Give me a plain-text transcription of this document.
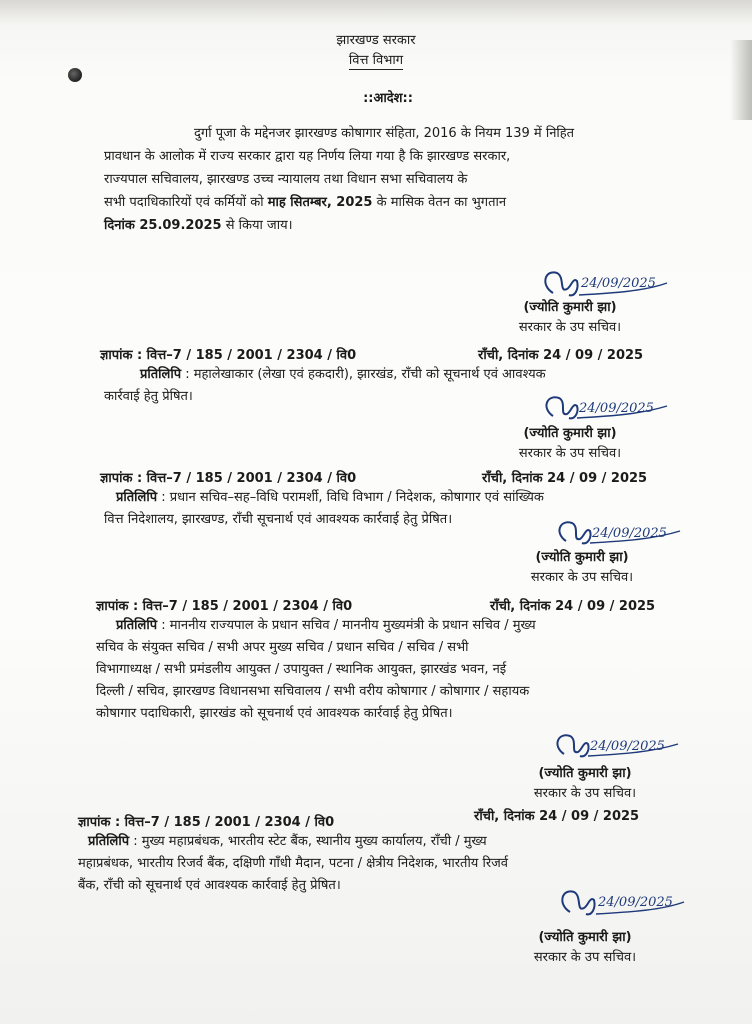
झारखण्ड सरकार
वित्त विभाग
::आदेश::
दुर्गा पूजा के मद्देनजर झारखण्ड कोषागार संहिता, 2016 के नियम 139 में निहित
प्रावधान के आलोक में राज्य सरकार द्वारा यह निर्णय लिया गया है कि झारखण्ड सरकार,
राज्यपाल सचिवालय, झारखण्ड उच्च न्यायालय तथा विधान सभा सचिवालय के
सभी पदाधिकारियों एवं कर्मियों को माह सितम्बर, 2025 के मासिक वेतन का भुगतान
दिनांक 25.09.2025 से किया जाय।
24/09/2025
(ज्योति कुमारी झा)
सरकार के उप सचिव।
ज्ञापांक : वित्त–7 / 185 / 2001 / 2304 / वि0	राँची, दिनांक 24 / 09 / 2025
प्रतिलिपि : महालेखाकार (लेखा एवं हकदारी), झारखंड, राँची को सूचनार्थ एवं आवश्यक
कार्रवाई हेतु प्रेषित।
24/09/2025
(ज्योति कुमारी झा)
सरकार के उप सचिव।
ज्ञापांक : वित्त–7 / 185 / 2001 / 2304 / वि0	राँची, दिनांक 24 / 09 / 2025
प्रतिलिपि : प्रधान सचिव–सह–विधि परामर्शी, विधि विभाग / निदेशक, कोषागार एवं सांख्यिक
वित्त निदेशालय, झारखण्ड, राँची सूचनार्थ एवं आवश्यक कार्रवाई हेतु प्रेषित।
24/09/2025
(ज्योति कुमारी झा)
सरकार के उप सचिव।
ज्ञापांक : वित्त–7 / 185 / 2001 / 2304 / वि0	राँची, दिनांक 24 / 09 / 2025
प्रतिलिपि : माननीय राज्यपाल के प्रधान सचिव / माननीय मुख्यमंत्री के प्रधान सचिव / मुख्य
सचिव के संयुक्त सचिव / सभी अपर मुख्य सचिव / प्रधान सचिव / सचिव / सभी
विभागाध्यक्ष / सभी प्रमंडलीय आयुक्त / उपायुक्त / स्थानिक आयुक्त, झारखंड भवन, नई
दिल्ली / सचिव, झारखण्ड विधानसभा सचिवालय / सभी वरीय कोषागार / कोषागार / सहायक
कोषागार पदाधिकारी, झारखंड को सूचनार्थ एवं आवश्यक कार्रवाई हेतु प्रेषित।
24/09/2025
(ज्योति कुमारी झा)
सरकार के उप सचिव।
ज्ञापांक : वित्त–7 / 185 / 2001 / 2304 / वि0	राँची, दिनांक 24 / 09 / 2025
प्रतिलिपि : मुख्य महाप्रबंधक, भारतीय स्टेट बैंक, स्थानीय मुख्य कार्यालय, राँची / मुख्य
महाप्रबंधक, भारतीय रिजर्व बैंक, दक्षिणी गाँधी मैदान, पटना / क्षेत्रीय निदेशक, भारतीय रिजर्व
बैंक, राँची को सूचनार्थ एवं आवश्यक कार्रवाई हेतु प्रेषित।
24/09/2025
(ज्योति कुमारी झा)
सरकार के उप सचिव।
